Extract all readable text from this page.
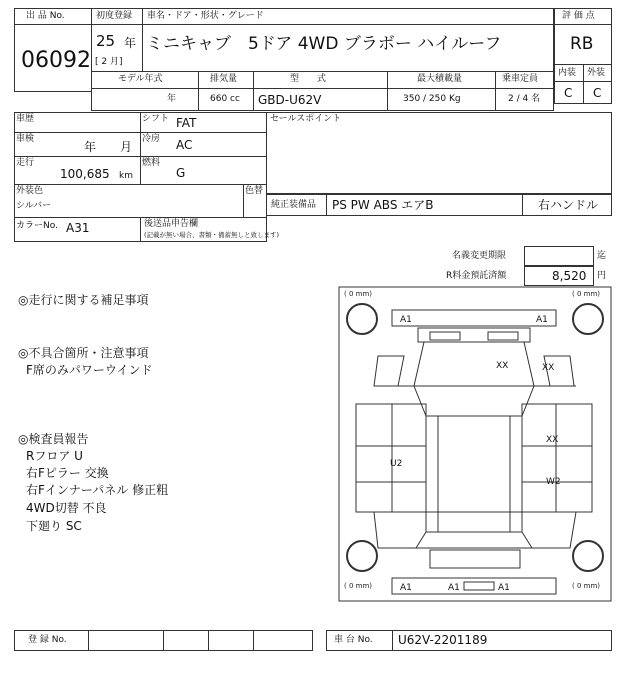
出 品 No.
06092
初度登録
25 年
[ 2 月]
車名・ドア・形状・グレード
ミニキャブ　5ドア 4WD ブラボー ハイルーフ
評 価 点
RB
内装 外装
C C
モデル年式
年
排気量
660 cc
型　　式
GBD-U62V
最大積載量
350 / 250 Kg
乗車定員
2 / 4 名
車歴	シフト FAT
車検
年　　月
冷房 AC
走行
100,685 km
燃料
G
外装色
シルバー
色替
カラーNo. A31	後送品申告欄
(記載が無い場合、書類・備蓄無しと致します)
セールスポイント
純正装備品 PS PW ABS エアB	右ハンドル
名義変更期限	迄
R料金預託済額	8,520 円
◎走行に関する補足事項
◎不具合箇所・注意事項
F席のみパワーウインド
◎検査員報告
Rフロア U
右Fピラー 交換
右Fインナーパネル 修正粗
4WD切替 不良
下廻り SC
( 0 mm)	( 0 mm)
( 0 mm)	( 0 mm)
A1	A1
XX	XX
XX
U2
W2
A1	A1	A1
登 録 No.	車 台 No. U62V-2201189
